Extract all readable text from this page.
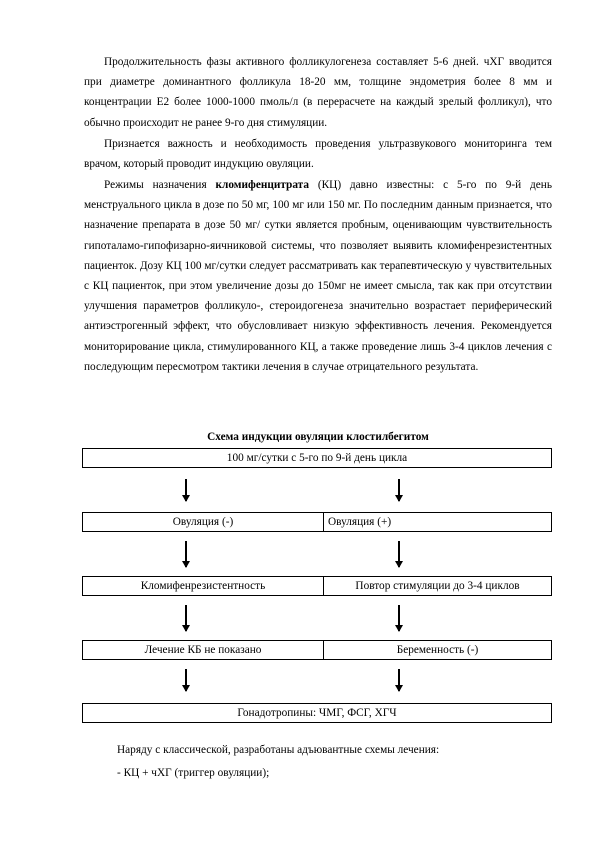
Продолжительность фазы активного фолликулогенеза составляет 5-6 дней. чХГ вводится при диаметре доминантного фолликула 18-20 мм, толщине эндометрия более 8 мм и концентрации Е2 более 1000-1000 пмоль/л (в перерасчете на каждый зрелый фолликул), что обычно происходит не ранее 9-го дня стимуляции.

Признается важность и необходимость проведения ультразвукового мониторинга тем врачом, который проводит индукцию овуляции.

Режимы назначения кломифенцитрата (КЦ) давно известны: с 5-го по 9-й день менструального цикла в дозе по 50 мг, 100 мг или 150 мг. По последним данным признается, что назначение препарата в дозе 50 мг/ сутки является пробным, оценивающим чувствительность гипоталамо-гипофизарно-яичниковой системы, что позволяет выявить кломифенрезистентных пациенток. Дозу КЦ 100 мг/сутки следует рассматривать как терапевтическую у чувствительных с КЦ пациенток, при этом увеличение дозы до 150мг не имеет смысла, так как при отсутствии улучшения параметров фолликуло-, стероидогенеза значительно возрастает периферический антиэстрогенный эффект, что обусловливает низкую эффективность лечения. Рекомендуется мониторирование цикла, стимулированного КЦ, а также проведение лишь 3-4 циклов лечения с последующим пересмотром тактики лечения в случае отрицательного результата.

Схема индукции овуляции клостилбегитом

100 мг/сутки с 5-го по 9-й день цикла
Овуляция (-)	Овуляция (+)
Кломифенрезистентность	Повтор стимуляции до 3-4 циклов
Лечение КБ не показано	Беременность (-)
Гонадотропины: ЧМГ, ФСГ, ХГЧ

Наряду с классической, разработаны адъювантные схемы лечения:

- КЦ + чХГ (триггер овуляции);
